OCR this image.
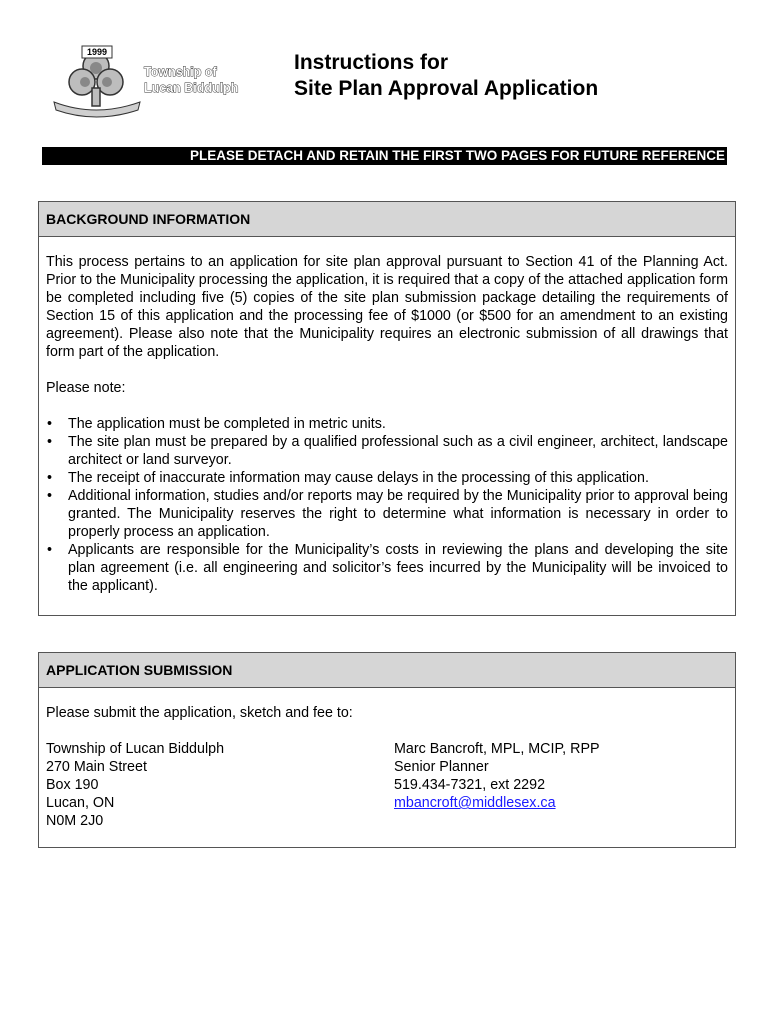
1999
Township of
Lucan Biddulph
Instructions for
Site Plan Approval Application
PLEASE DETACH AND RETAIN THE FIRST TWO PAGES FOR FUTURE REFERENCE
BACKGROUND INFORMATION

This process pertains to an application for site plan approval pursuant to Section 41 of the Planning Act. Prior to the Municipality processing the application, it is required that a copy of the attached application form be completed including five (5) copies of the site plan submission package detailing the requirements of Section 15 of this application and the processing fee of $1000 (or $500 for an amendment to an existing agreement). Please also note that the Municipality requires an electronic submission of all drawings that form part of the application.

Please note:

• The application must be completed in metric units.
• The site plan must be prepared by a qualified professional such as a civil engineer, architect, landscape architect or land surveyor.
• The receipt of inaccurate information may cause delays in the processing of this application.
• Additional information, studies and/or reports may be required by the Municipality prior to approval being granted. The Municipality reserves the right to determine what information is necessary in order to properly process an application.
• Applicants are responsible for the Municipality’s costs in reviewing the plans and developing the site plan agreement (i.e. all engineering and solicitor’s fees incurred by the Municipality will be invoiced to the applicant).
APPLICATION SUBMISSION

Please submit the application, sketch and fee to:

Township of Lucan Biddulph
270 Main Street
Box 190
Lucan, ON
N0M 2J0
Marc Bancroft, MPL, MCIP, RPP
Senior Planner
519.434-7321, ext 2292
mbancroft@middlesex.ca
